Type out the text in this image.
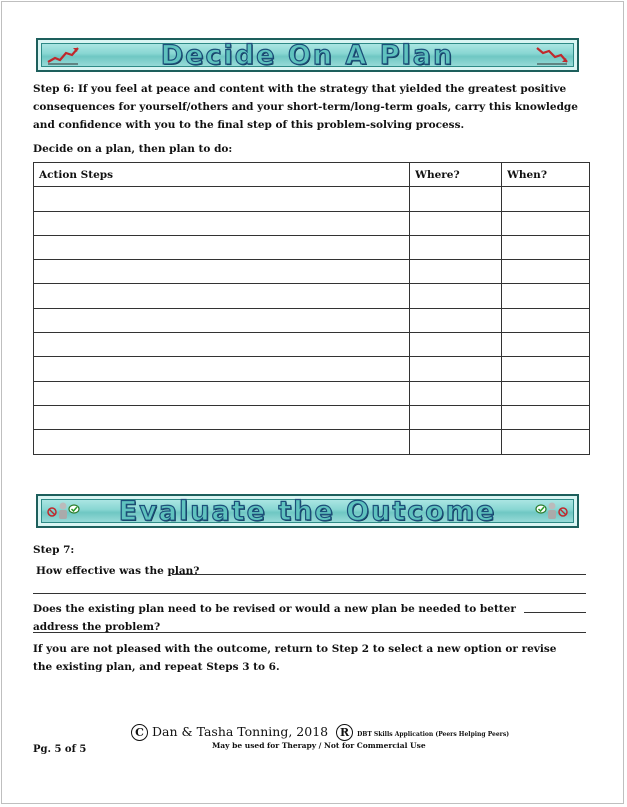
Decide On A Plan
Step 6: If you feel at peace and content with the strategy that yielded the greatest positive consequences for yourself/others and your short-term/long-term goals, carry this knowledge and confidence with you to the final step of this problem-solving process.
Decide on a plan, then plan to do:
Action Steps	Where?	When?

Evaluate the Outcome
Step 7:
How effective was the plan?
Does the existing plan need to be revised or would a new plan be needed to better address the problem?
If you are not pleased with the outcome, return to Step 2 to select a new option or revise the existing plan, and repeat Steps 3 to 6.
C Dan & Tasha Tonning, 2018 R DBT Skills Application (Peers Helping Peers)
May be used for Therapy / Not for Commercial Use
Pg. 5 of 5
